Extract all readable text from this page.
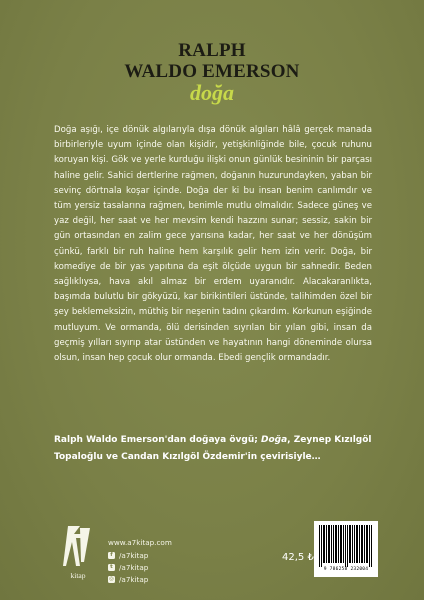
RALPH
WALDO EMERSON
doğa

Doğa aşığı, içe dönük algılarıyla dışa dönük algıları hâlâ gerçek manada birbirleriyle uyum içinde olan kişidir, yetişkinliğinde bile, çocuk ruhunu koruyan kişi. Gök ve yerle kurduğu ilişki onun günlük besininin bir parçası haline gelir. Sahici dertlerine rağmen, doğanın huzurundayken, yaban bir sevinç dörtnala koşar içinde. Doğa der ki bu insan benim canlımdır ve tüm yersiz tasalarına rağmen, benimle mutlu olmalıdır. Sadece güneş ve yaz değil, her saat ve her mevsim kendi hazzını sunar; sessiz, sakin bir gün ortasından en zalim gece yarısına kadar, her saat ve her dönüşüm çünkü, farklı bir ruh haline hem karşılık gelir hem izin verir. Doğa, bir komediye de bir yas yapıtına da eşit ölçüde uygun bir sahnedir. Beden sağlıklıysa, hava akıl almaz bir erdem uyaranıdır. Alacakaranlıkta, başımda bulutlu bir gökyüzü, kar birikintileri üstünde, talihimden özel bir şey beklemeksizin, müthiş bir neşenin tadını çıkardım. Korkunun eşiğinde mutluyum. Ve ormanda, ölü derisinden sıyrılan bir yılan gibi, insan da geçmiş yılları sıyırıp atar üstünden ve hayatının hangi döneminde olursa olsun, insan hep çocuk olur ormanda. Ebedi gençlik ormandadır.

Ralph Waldo Emerson'dan doğaya övgü; Doğa, Zeynep Kızılgöl Topaloğlu ve Candan Kızılgöl Özdemir'in çevirisiyle…

kitap
www.a7kitap.com
f /a7kitap
t /a7kitap
◎ /a7kitap
42,5 ₺
9 786258 232004
